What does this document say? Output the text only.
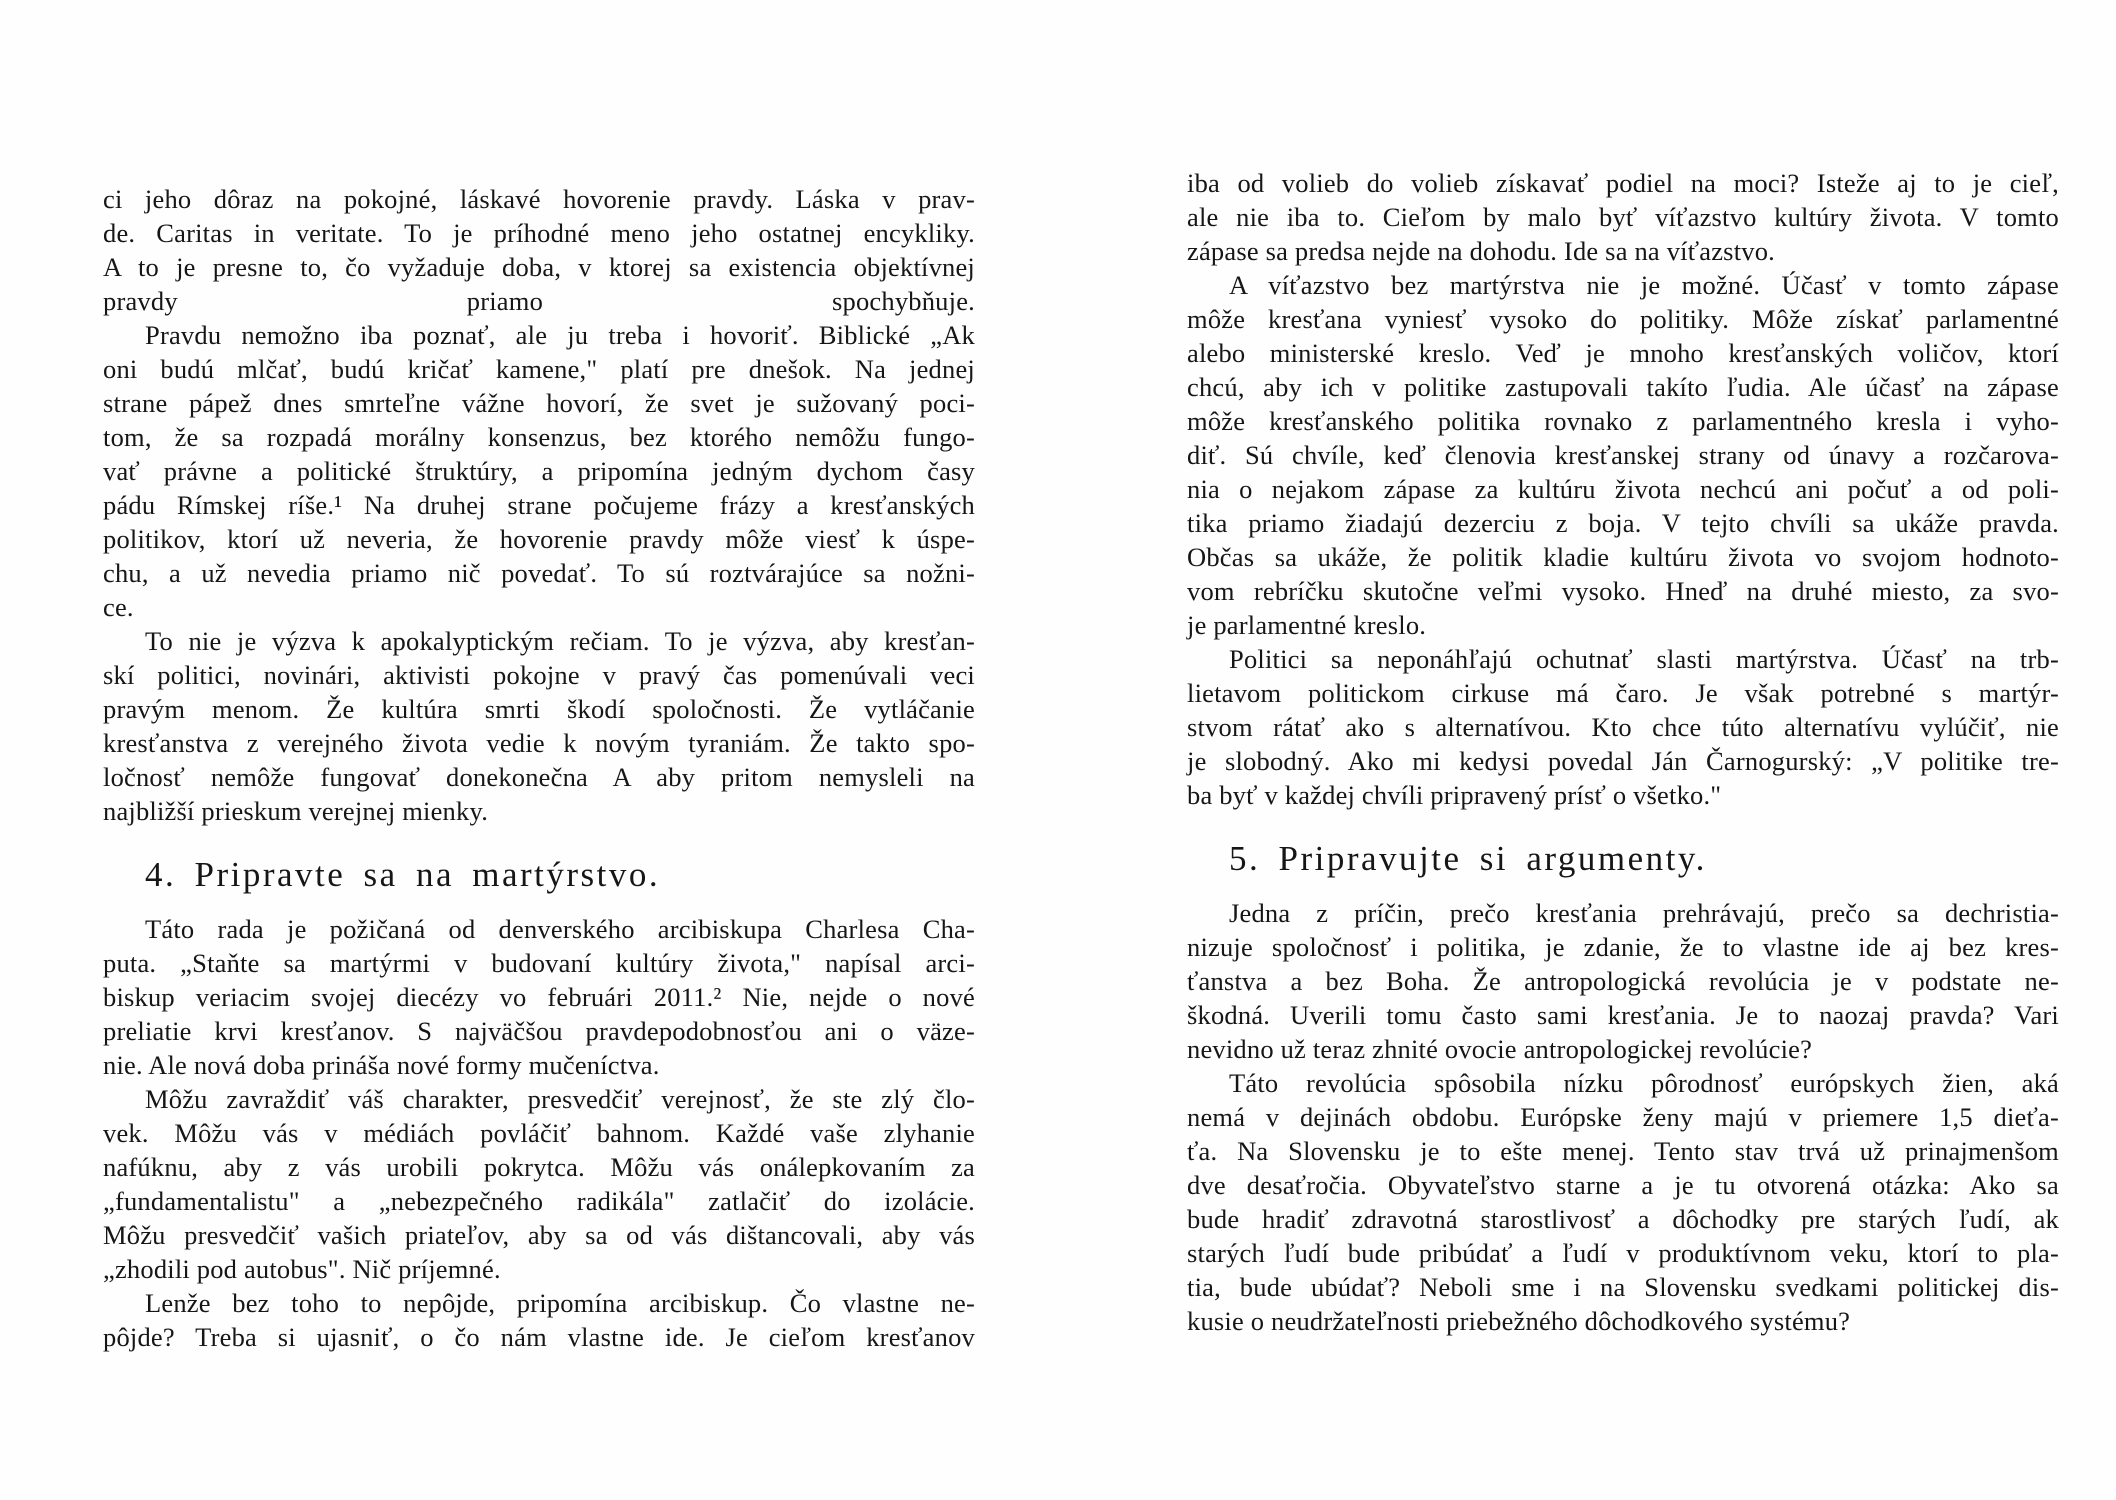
ci jeho dôraz na pokojné, láskavé hovorenie pravdy. Láska v prav-
de. Caritas in veritate. To je príhodné meno jeho ostatnej encykliky.
A to je presne to, čo vyžaduje doba, v ktorej sa existencia objektívnej
pravdy priamo spochybňuje.
Pravdu nemožno iba poznať, ale ju treba i hovoriť. Biblické „Ak
oni budú mlčať, budú kričať kamene," platí pre dnešok. Na jednej
strane pápež dnes smrteľne vážne hovorí, že svet je sužovaný poci-
tom, že sa rozpadá morálny konsenzus, bez ktorého nemôžu fungo-
vať právne a politické štruktúry, a pripomína jedným dychom časy
pádu Rímskej ríše.¹ Na druhej strane počujeme frázy a kresťanských
politikov, ktorí už neveria, že hovorenie pravdy môže viesť k úspe-
chu, a už nevedia priamo nič povedať. To sú roztvárajúce sa nožni-
ce.
To nie je výzva k apokalyptickým rečiam. To je výzva, aby kresťan-
skí politici, novinári, aktivisti pokojne v pravý čas pomenúvali veci
pravým menom. Že kultúra smrti škodí spoločnosti. Že vytláčanie
kresťanstva z verejného života vedie k novým tyraniám. Že takto spo-
ločnosť nemôže fungovať donekonečna A aby pritom nemysleli na
najbližší prieskum verejnej mienky.
4. Pripravte sa na martýrstvo.
Táto rada je požičaná od denverského arcibiskupa Charlesa Cha-
puta. „Staňte sa martýrmi v budovaní kultúry života," napísal arci-
biskup veriacim svojej diecézy vo februári 2011.² Nie, nejde o nové
preliatie krvi kresťanov. S najväčšou pravdepodobnosťou ani o väze-
nie. Ale nová doba prináša nové formy mučeníctva.
Môžu zavraždiť váš charakter, presvedčiť verejnosť, že ste zlý člo-
vek. Môžu vás v médiách povláčiť bahnom. Každé vaše zlyhanie
nafúknu, aby z vás urobili pokrytca. Môžu vás onálepkovaním za
„fundamentalistu" a „nebezpečného radikála" zatlačiť do izolácie.
Môžu presvedčiť vašich priateľov, aby sa od vás dištancovali, aby vás
„zhodili pod autobus". Nič príjemné.
Lenže bez toho to nepôjde, pripomína arcibiskup. Čo vlastne ne-
pôjde? Treba si ujasniť, o čo nám vlastne ide. Je cieľom kresťanov
iba od volieb do volieb získavať podiel na moci? Isteže aj to je cieľ,
ale nie iba to. Cieľom by malo byť víťazstvo kultúry života. V tomto
zápase sa predsa nejde na dohodu. Ide sa na víťazstvo.
A víťazstvo bez martýrstva nie je možné. Účasť v tomto zápase
môže kresťana vyniesť vysoko do politiky. Môže získať parlamentné
alebo ministerské kreslo. Veď je mnoho kresťanských voličov, ktorí
chcú, aby ich v politike zastupovali takíto ľudia. Ale účasť na zápase
môže kresťanského politika rovnako z parlamentného kresla i vyho-
diť. Sú chvíle, keď členovia kresťanskej strany od únavy a rozčarova-
nia o nejakom zápase za kultúru života nechcú ani počuť a od poli-
tika priamo žiadajú dezerciu z boja. V tejto chvíli sa ukáže pravda.
Občas sa ukáže, že politik kladie kultúru života vo svojom hodnoto-
vom rebríčku skutočne veľmi vysoko. Hneď na druhé miesto, za svo-
je parlamentné kreslo.
Politici sa neponáhľajú ochutnať slasti martýrstva. Účasť na trb-
lietavom politickom cirkuse má čaro. Je však potrebné s martýr-
stvom rátať ako s alternatívou. Kto chce túto alternatívu vylúčiť, nie
je slobodný. Ako mi kedysi povedal Ján Čarnogurský: „V politike tre-
ba byť v každej chvíli pripravený prísť o všetko."
5. Pripravujte si argumenty.
Jedna z príčin, prečo kresťania prehrávajú, prečo sa dechristia-
nizuje spoločnosť i politika, je zdanie, že to vlastne ide aj bez kres-
ťanstva a bez Boha. Že antropologická revolúcia je v podstate ne-
škodná. Uverili tomu často sami kresťania. Je to naozaj pravda? Vari
nevidno už teraz zhnité ovocie antropologickej revolúcie?
Táto revolúcia spôsobila nízku pôrodnosť európskych žien, aká
nemá v dejinách obdobu. Európske ženy majú v priemere 1,5 dieťa-
ťa. Na Slovensku je to ešte menej. Tento stav trvá už prinajmenšom
dve desaťročia. Obyvateľstvo starne a je tu otvorená otázka: Ako sa
bude hradiť zdravotná starostlivosť a dôchodky pre starých ľudí, ak
starých ľudí bude pribúdať a ľudí v produktívnom veku, ktorí to pla-
tia, bude ubúdať? Neboli sme i na Slovensku svedkami politickej dis-
kusie o neudržateľnosti priebežného dôchodkového systému?
